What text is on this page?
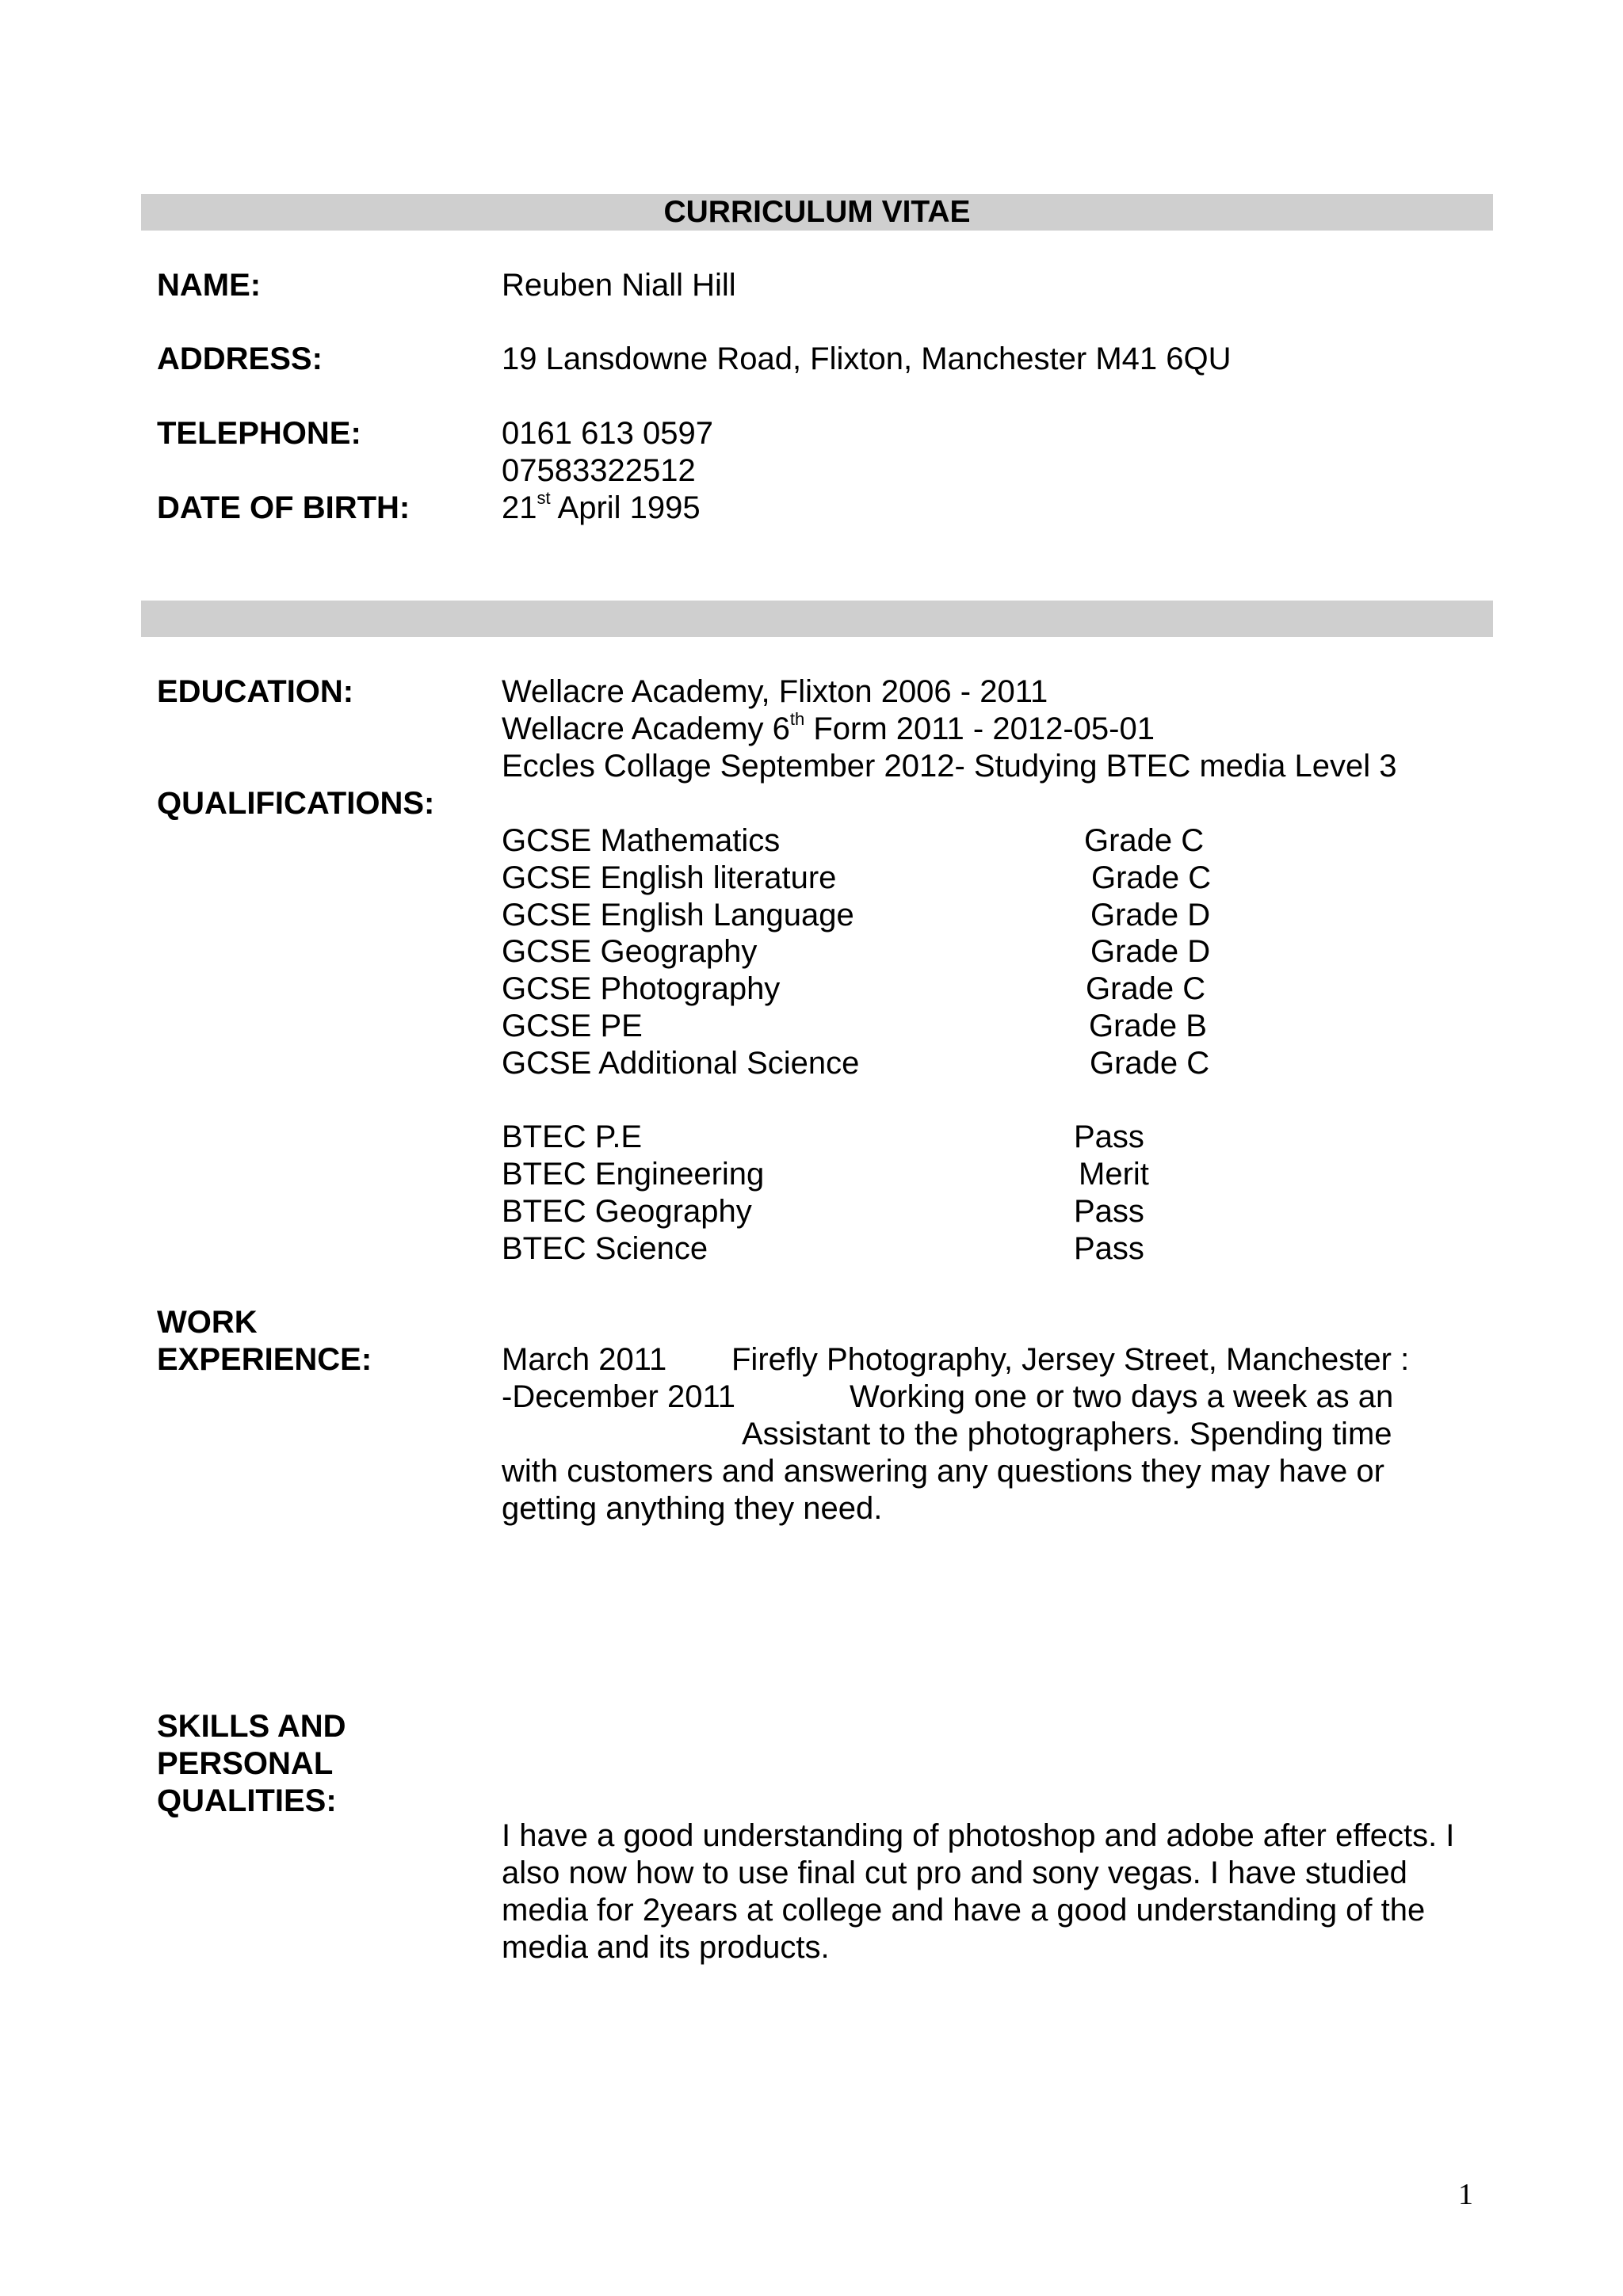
CURRICULUM VITAE
NAME:	Reuben Niall Hill
ADDRESS:	19 Lansdowne Road, Flixton, Manchester M41 6QU
TELEPHONE:	0161 613 0597
07583322512
DATE OF BIRTH:	21st April 1995
EDUCATION:	Wellacre Academy, Flixton 2006 - 2011
Wellacre Academy 6th Form 2011 - 2012-05-01
Eccles Collage September 2012- Studying BTEC media Level 3
QUALIFICATIONS:
GCSE Mathematics	Grade C
GCSE English literature	Grade C
GCSE English Language	Grade D
GCSE Geography	Grade D
GCSE Photography	Grade C
GCSE PE	Grade B
GCSE Additional Science	Grade C
BTEC P.E	Pass
BTEC Engineering	Merit
BTEC Geography	Pass
BTEC Science	Pass
WORK
EXPERIENCE:	March 2011 Firefly Photography, Jersey Street, Manchester :
-December 2011	Working one or two days a week as an
Assistant to the photographers. Spending time
with customers and answering any questions they may have or
getting anything they need.
SKILLS AND
PERSONAL
QUALITIES:
I have a good understanding of photoshop and adobe after effects. I also now how to use final cut pro and sony vegas. I have studied media for 2years at college and have a good understanding of the media and its products.
1
